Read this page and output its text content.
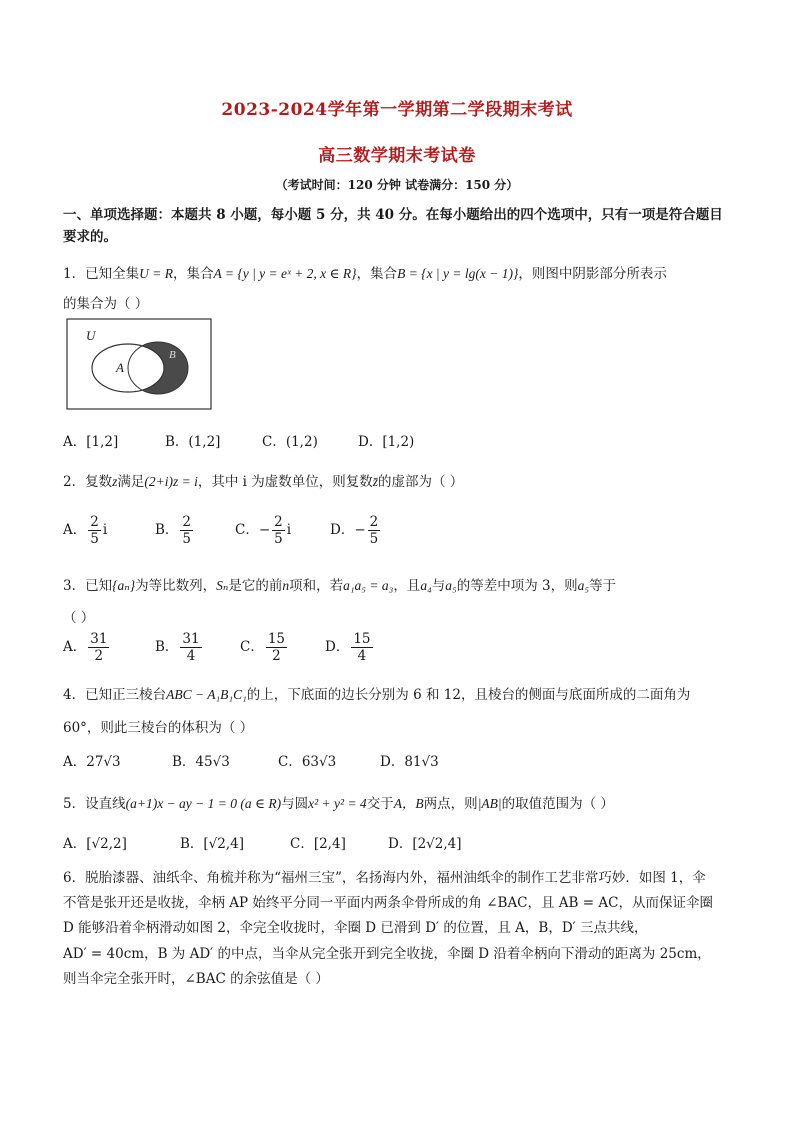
2023-2024学年第一学期第二学段期末考试
高三数学期末考试卷
（考试时间：120 分钟 试卷满分：150 分）
一、单项选择题：本题共 8 小题，每小题 5 分，共 40 分。在每小题给出的四个选项中，只有一项是符合题目
要求的。
1．已知全集U = R，集合A = {y | y = eˣ + 2, x ∈ R}，集合B = {x | y = lg(x − 1)}，则图中阴影部分所表示
的集合为（ ）
U
A
B
A．[1,2]	B．(1,2]	C．(1,2)	D．[1,2)
2．复数z满足(2+i)z = i，其中 i 为虚数单位，则复数z̄的虚部为（ ）
A． $\frac{2}{5}$ i	B． $\frac{2}{5}$	C．− $\frac{2}{5}$ i	D．− $\frac{2}{5}$
3．已知{aₙ}为等比数列，Sₙ是它的前n项和，若a₁a₅ = a₃，且a₄与a₅的等差中项为 3，则a₅等于
（ ）
A． $\frac{31}{2}$	B． $\frac{31}{4}$	C． $\frac{15}{2}$	D． $\frac{15}{4}$
4．已知正三棱台ABC − A₁B₁C₁的上，下底面的边长分别为 6 和 12，且棱台的侧面与底面所成的二面角为
60°，则此三棱台的体积为（ ）
A．27√3	B．45√3	C．63√3	D．81√3
5．设直线(a+1)x − ay − 1 = 0 (a ∈ R)与圆x² + y² = 4交于A，B两点，则|AB|的取值范围为（ ）
A．[√2,2]	B．[√2,4]	C．[2,4]	D．[2√2,4]
6．脱胎漆器、油纸伞、角梳并称为“福州三宝”，名扬海内外，福州油纸伞的制作工艺非常巧妙．如图 1，伞
不管是张开还是收拢，伞柄 AP 始终平分同一平面内两条伞骨所成的角 ∠BAC，且 AB = AC，从而保证伞圈
D 能够沿着伞柄滑动如图 2，伞完全收拢时，伞圈 D 已滑到 D′ 的位置，且 A，B，D′ 三点共线，
AD′ = 40cm，B 为 AD′ 的中点，当伞从完全张开到完全收拢，伞圈 D 沿着伞柄向下滑动的距离为 25cm，
则当伞完全张开时，∠BAC 的余弦值是（ ）
